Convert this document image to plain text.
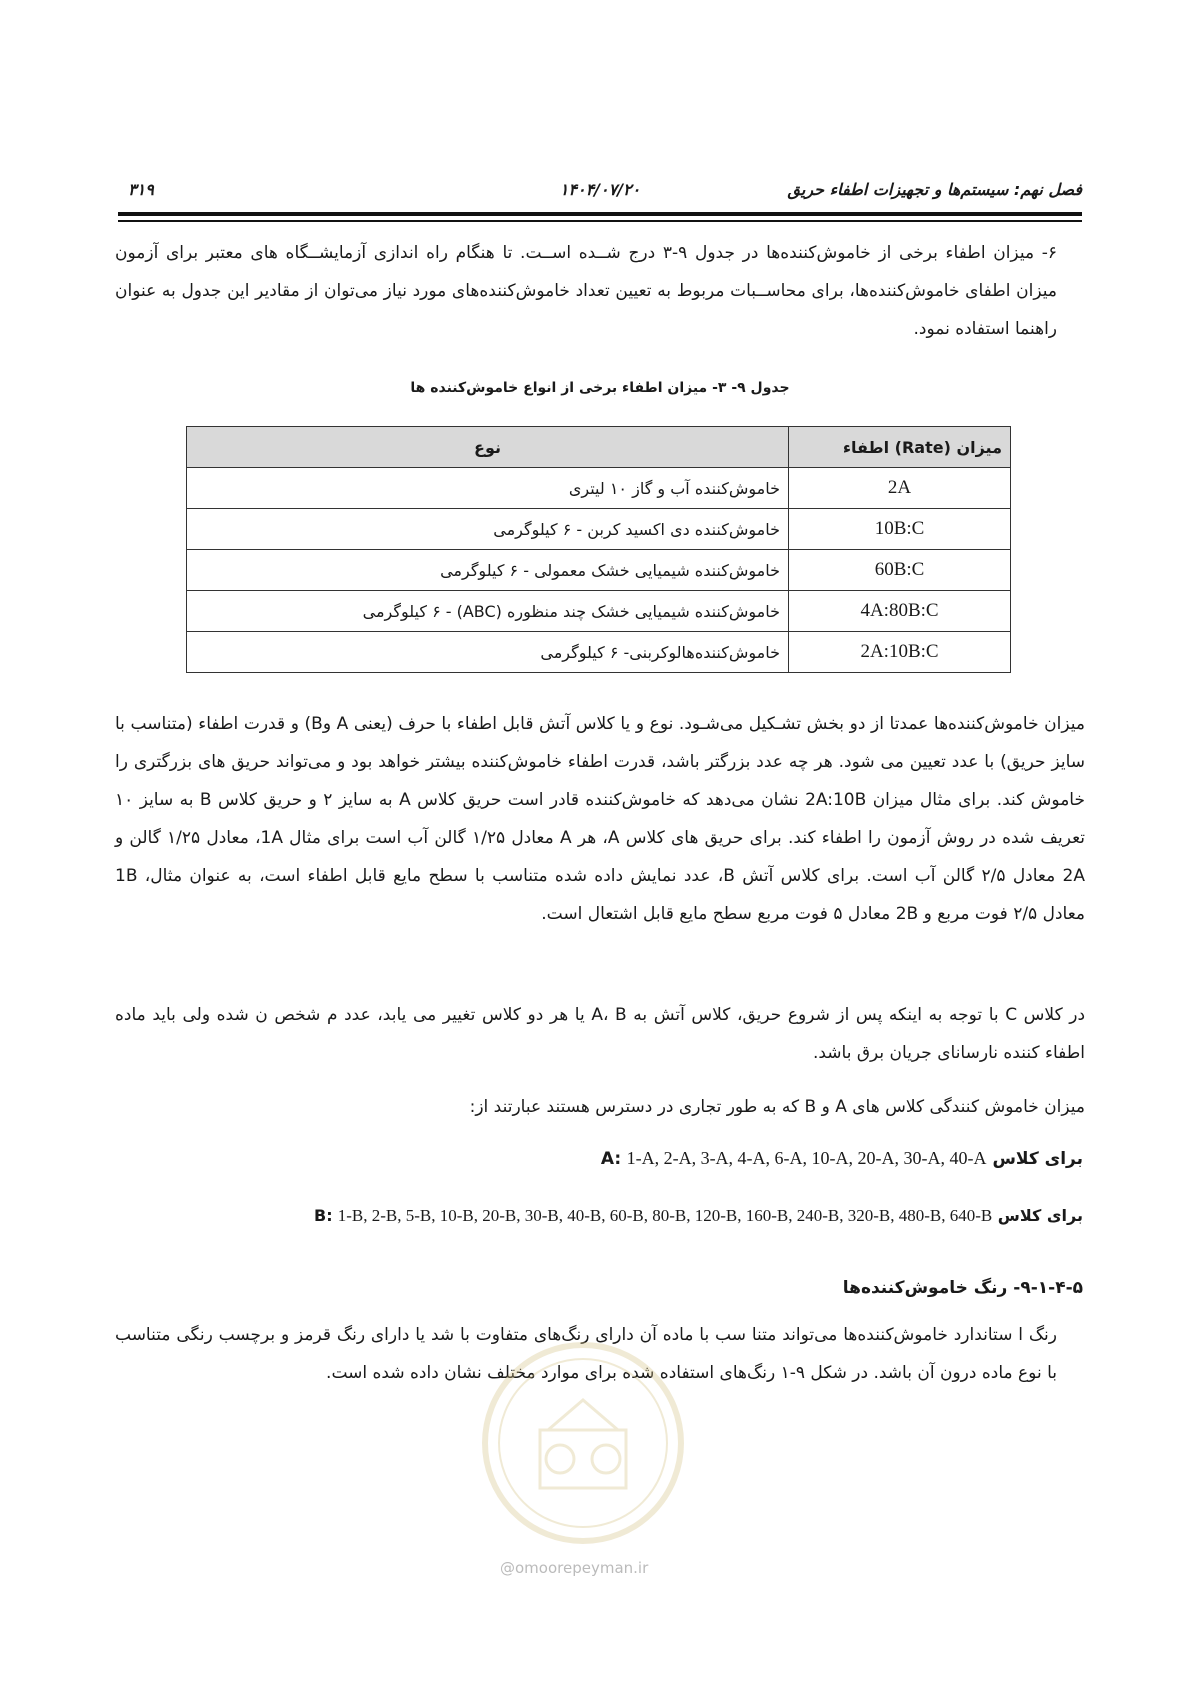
فصل نهم: سیستم‌ها و تجهیزات اطفاء حریق
۱۴۰۴/۰۷/۲۰
۳۱۹
۶- میزان اطفاء برخی از خاموش‌کننده‌ها در جدول ۹-۳ درج شــده اســت. تا هنگام راه اندازی آزمایشــگاه های معتبر برای آزمون میزان اطفای خاموش‌کننده‌ها، برای محاســبات مربوط به تعیین تعداد خاموش‌کننده‌های مورد نیاز می‌توان از مقادیر این جدول به عنوان راهنما استفاده نمود.
جدول ۹- ۳- میزان اطفاء برخی از انواع خاموش‌کننده ها
میزان (Rate) اطفاء	نوع
2A	خاموش‌کننده آب و گاز ۱۰ لیتری
10B:C	خاموش‌کننده دی اکسید کربن - ۶ کیلوگرمی
60B:C	خاموش‌کننده شیمیایی خشک معمولی - ۶ کیلوگرمی
4A:80B:C	خاموش‌کننده شیمیایی خشک چند منظوره (ABC) - ۶ کیلوگرمی
2A:10B:C	خاموش‌کننده‌هالوکربنی- ۶ کیلوگرمی
میزان خاموش‌کننده‌ها عمدتا از دو بخش تشـکیل می‌شـود. نوع و یا کلاس آتش قابل اطفاء با حرف (یعنی A وB) و قدرت اطفاء (متناسب با سایز حریق) با عدد تعیین می شود. هر چه عدد بزرگتر باشد، قدرت اطفاء خاموش‌کننده بیشتر خواهد بود و می‌تواند حریق های بزرگتری را خاموش کند. برای مثال میزان 2A:10B نشان می‌دهد که خاموش‌کننده قادر است حریق کلاس A به سایز ۲ و حریق کلاس B به سایز ۱۰ تعریف شده در روش آزمون را اطفاء کند. برای حریق های کلاس A، هر A معادل ۱/۲۵ گالن آب است برای مثال 1A، معادل ۱/۲۵ گالن و 2A معادل ۲/۵ گالن آب است. برای کلاس آتش B، عدد نمایش داده شده متناسب با سطح مایع قابل اطفاء است، به عنوان مثال، 1B معادل ۲/۵ فوت مربع و 2B معادل ۵ فوت مربع سطح مایع قابل اشتعال است.
در کلاس C با توجه به اینکه پس از شروع حریق، کلاس آتش به A، B یا هر دو کلاس تغییر می یابد، عدد م شخص ن شده ولی باید ماده اطفاء کننده نارسانای جریان برق باشد.
میزان خاموش کنندگی کلاس های A و B که به طور تجاری در دسترس هستند عبارتند از:
برای کلاس A: 1-A, 2-A, 3-A, 4-A, 6-A, 10-A, 20-A, 30-A, 40-A
برای کلاس B: 1-B, 2-B, 5-B, 10-B, 20-B, 30-B, 40-B, 60-B, 80-B, 120-B, 160-B, 240-B, 320-B, 480-B, 640-B
۹-۱-۴-۵- رنگ خاموش‌کننده‌ها
رنگ ا ستاندارد خاموش‌کننده‌ها می‌تواند متنا سب با ماده آن دارای رنگ‌های متفاوت با شد یا دارای رنگ قرمز و برچسب رنگی متناسب با نوع ماده درون آن باشد. در شکل ۹-۱ رنگ‌های استفاده شده برای موارد مختلف نشان داده شده است.
@omoorepeyman.ir
